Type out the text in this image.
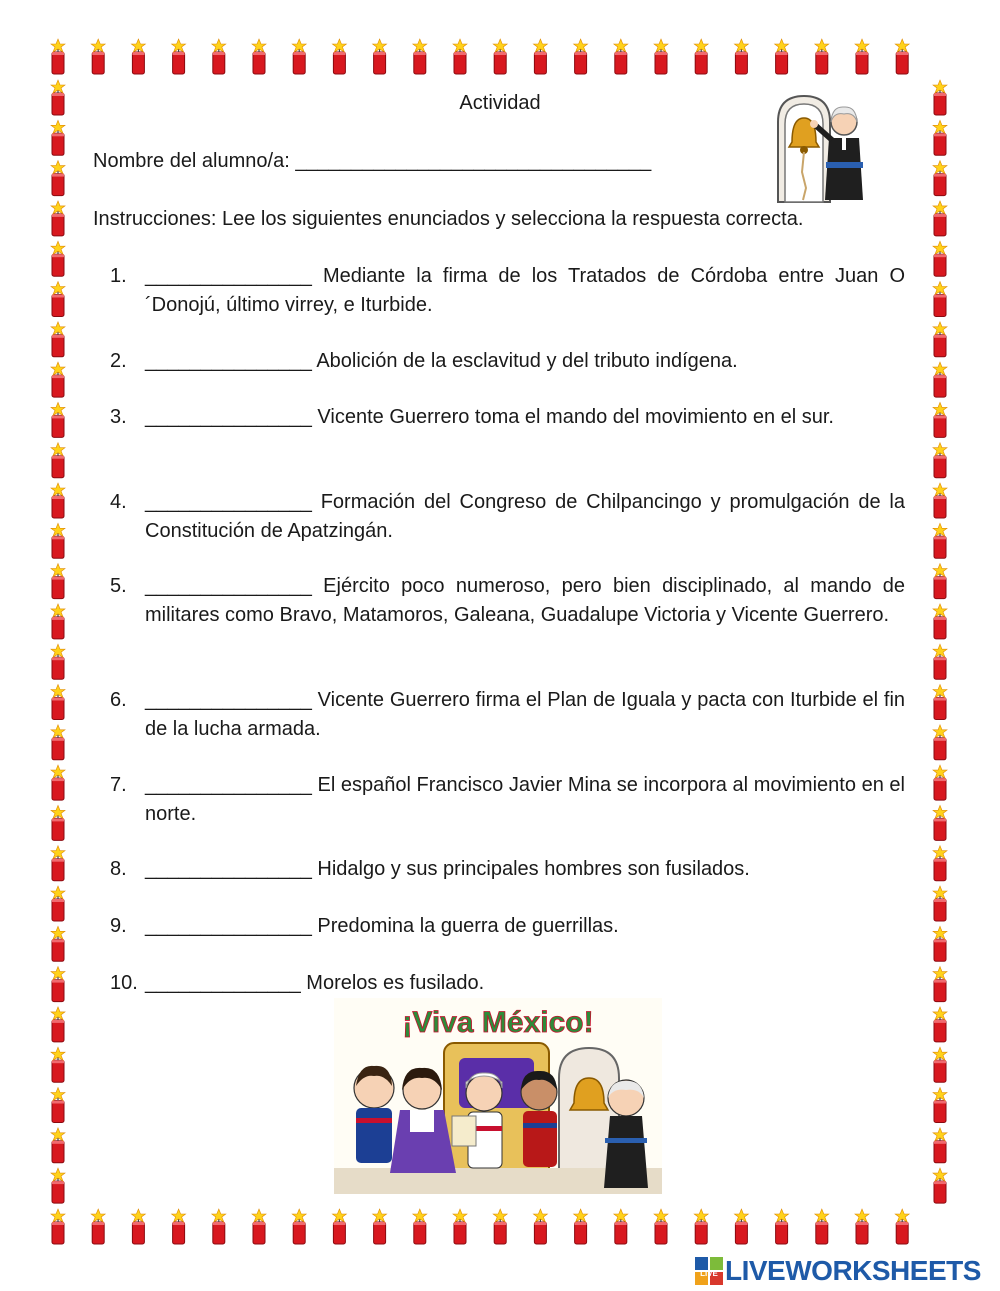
Actividad
Nombre del alumno/a: ________________________________
Instrucciones: Lee los siguientes enunciados y selecciona la respuesta correcta.
1. _______________ Mediante la firma de los Tratados de Córdoba entre Juan O´Donojú, último virrey, e Iturbide.
2. _______________ Abolición de la esclavitud y del tributo indígena.
3. _______________ Vicente Guerrero toma el mando del movimiento en el sur.
4. _______________ Formación del Congreso de Chilpancingo y promulgación de la Constitución de Apatzingán.
5. _______________ Ejército poco numeroso, pero bien disciplinado, al mando de militares como Bravo, Matamoros, Galeana, Guadalupe Victoria y Vicente Guerrero.
6. _______________ Vicente Guerrero firma el Plan de Iguala y pacta con Iturbide el fin de la lucha armada.
7. _______________ El español Francisco Javier Mina se incorpora al movimiento en el norte.
8. _______________ Hidalgo y sus principales hombres son fusilados.
9. _______________ Predomina la guerra de guerrillas.
10. ______________ Morelos es fusilado.
¡Viva México!
LIVE LIVEWORKSHEETS
